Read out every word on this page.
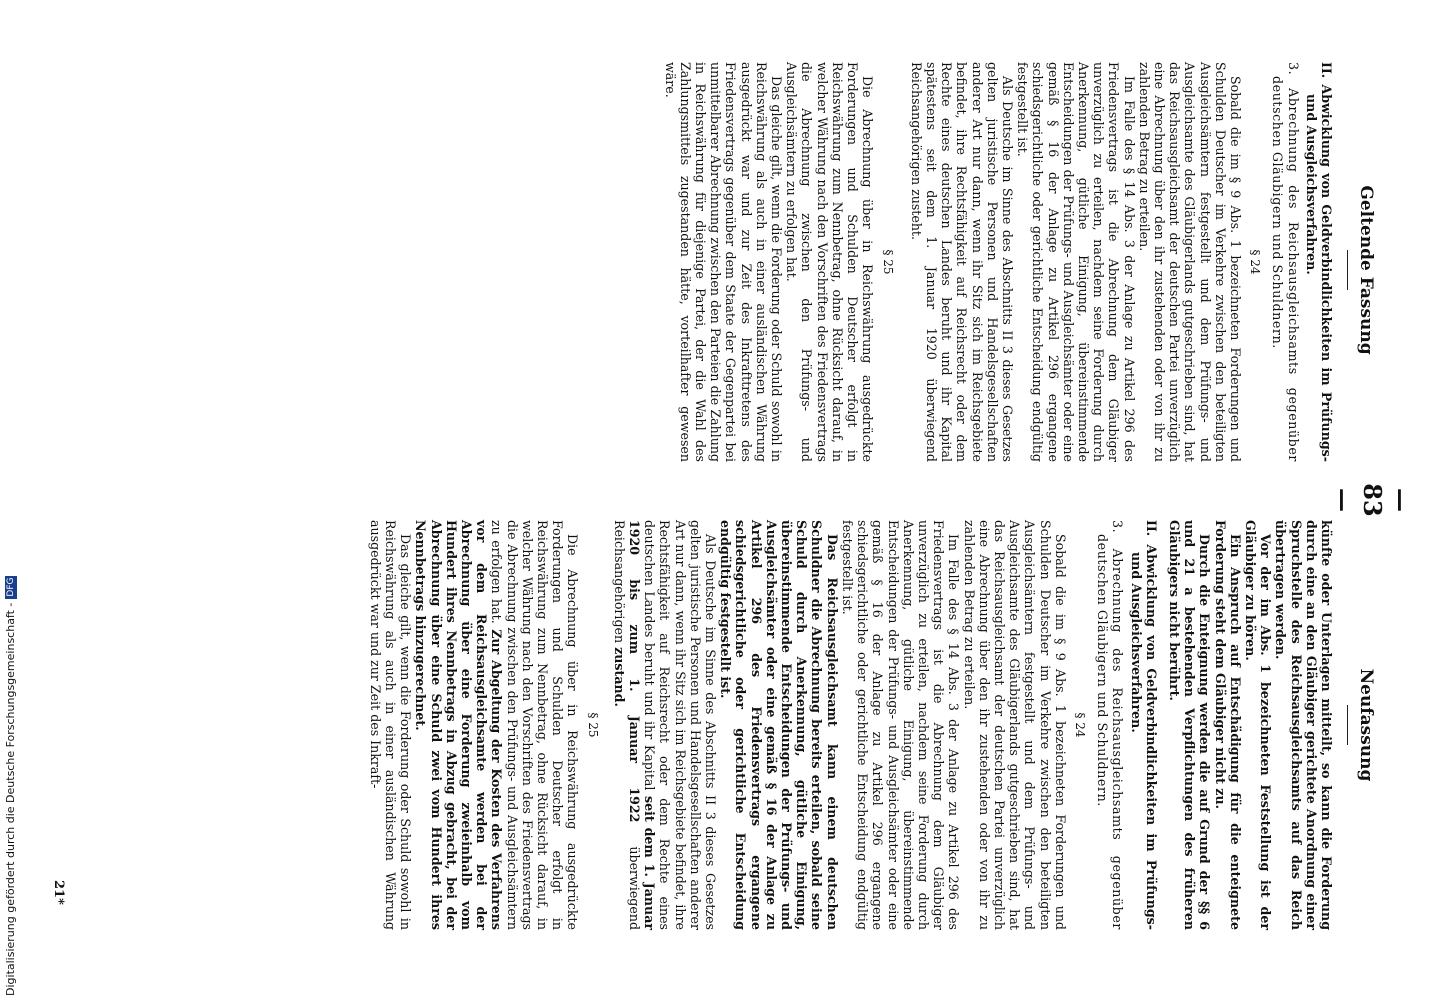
— 83 —
Geltende Fassung
II. Abwicklung von Geldverbindlichkeiten im Prüfungs- und Ausgleichsverfahren.
3. Abrechnung des Reichsausgleichsamts gegenüber deutschen Gläubigern und Schuldnern.
§ 24

Sobald die im § 9 Abs. 1 bezeichneten Forderungen und Schulden Deutscher im Verkehre zwischen den beteiligten Ausgleichsämtern festgestellt und dem Prüfungs- und Ausgleichsamte des Gläubigerlands gutgeschrieben sind, hat das Reichsausgleichsamt der deutschen Partei unverzüglich eine Abrechnung über den ihr zustehenden oder von ihr zu zahlenden Betrag zu erteilen.

Im Falle des § 14 Abs. 3 der Anlage zu Artikel 296 des Friedensvertrags ist die Abrechnung dem Gläubiger unverzüglich zu erteilen, nachdem seine Forderung durch Anerkennung, gütliche Einigung, übereinstimmende Entscheidungen der Prüfungs- und Ausgleichsämter oder eine gemäß § 16 der Anlage zu Artikel 296 ergangene schiedsgerichtliche oder gerichtliche Entscheidung endgültig festgestellt ist.

Als Deutsche im Sinne des Abschnitts II 3 dieses Gesetzes gelten juristische Personen und Handelsgesellschaften anderer Art nur dann, wenn ihr Sitz sich im Reichsgebiete befindet, ihre Rechtsfähigkeit auf Reichsrecht oder dem Rechte eines deutschen Landes beruht und ihr Kapital spätestens seit dem 1. Januar 1920 überwiegend Reichsangehörigen zusteht.

§ 25

Die Abrechnung über in Reichswährung ausgedrückte Forderungen und Schulden Deutscher erfolgt in Reichswährung zum Nennbetrag, ohne Rücksicht darauf, in welcher Währung nach den Vorschriften des Friedensvertrags die Abrechnung zwischen den Prüfungs- und Ausgleichsämtern zu erfolgen hat.

Das gleiche gilt, wenn die Forderung oder Schuld sowohl in Reichswährung als auch in einer ausländischen Währung ausgedrückt war und zur Zeit des Inkrafttretens des Friedensvertrags gegenüber dem Staate der Gegenpartei bei unmittelbarer Abrechnung zwischen den Parteien die Zahlung in Reichswährung für diejenige Partei, der die Wahl des Zahlungsmittels zugestanden hätte, vorteilhafter gewesen wäre.

Neufassung

künfte oder Unterlagen mitteilt, so kann die Forderung durch eine an den Gläubiger gerichtete Anordnung einer Spruchstelle des Reichsausgleichsamts auf das Reich übertragen werden.

Vor der im Abs. 1 bezeichneten Feststellung ist der Gläubiger zu hören.

Ein Anspruch auf Entschädigung für die enteignete Forderung steht dem Gläubiger nicht zu.

Durch die Enteignung werden die auf Grund der §§ 6 und 21 a bestehenden Verpflichtungen des früheren Gläubigers nicht berührt.

II. Abwicklung von Geldverbindlichkeiten im Prüfungs- und Ausgleichsverfahren.
3. Abrechnung des Reichsausgleichsamts gegenüber deutschen Gläubigern und Schuldnern.
§ 24

Sobald die im § 9 Abs. 1 bezeichneten Forderungen und Schulden Deutscher im Verkehre zwischen den beteiligten Ausgleichsämtern festgestellt und dem Prüfungs- und Ausgleichsamte des Gläubigerlands gutgeschrieben sind, hat das Reichsausgleichsamt der deutschen Partei unverzüglich eine Abrechnung über den ihr zustehenden oder von ihr zu zahlenden Betrag zu erteilen.

Im Falle des § 14 Abs. 3 der Anlage zu Artikel 296 des Friedensvertrags ist die Abrechnung dem Gläubiger unverzüglich zu erteilen, nachdem seine Forderung durch Anerkennung, gütliche Einigung, übereinstimmende Entscheidungen der Prüfungs- und Ausgleichsämter oder eine gemäß § 16 der Anlage zu Artikel 296 ergangene schiedsgerichtliche oder gerichtliche Entscheidung endgültig festgestellt ist.

Das Reichsausgleichsamt kann einem deutschen Schuldner die Abrechnung bereits erteilen, sobald seine Schuld durch Anerkennung, gütliche Einigung, übereinstimmende Entscheidungen der Prüfungs- und Ausgleichsämter oder eine gemäß § 16 der Anlage zu Artikel 296 des Friedensvertrags ergangene schiedsgerichtliche oder gerichtliche Entscheidung endgültig festgestellt ist.

Als Deutsche im Sinne des Abschnitts II 3 dieses Gesetzes gelten juristische Personen und Handelsgesellschaften anderer Art nur dann, wenn ihr Sitz sich im Reichsgebiete befindet, ihre Rechtsfähigkeit auf Reichsrecht oder dem Rechte eines deutschen Landes beruht und ihr Kapital seit dem 1. Januar 1920 bis zum 1. Januar 1922 überwiegend Reichsangehörigen zustand.

§ 25

Die Abrechnung über in Reichswährung ausgedrückte Forderungen und Schulden Deutscher erfolgt in Reichswährung zum Nennbetrag, ohne Rücksicht darauf, in welcher Währung nach den Vorschriften des Friedensvertrags die Abrechnung zwischen den Prüfungs- und Ausgleichsämtern zu erfolgen hat. Zur Abgeltung der Kosten des Verfahrens vor dem Reichsausgleichsamte werden bei der Abrechnung über eine Forderung zweieinhalb vom Hundert ihres Nennbetrags in Abzug gebracht, bei der Abrechnung über eine Schuld zwei vom Hundert ihres Nennbetrags hinzugerechnet.

Das gleiche gilt, wenn die Forderung oder Schuld sowohl in Reichswährung als auch in einer ausländischen Währung ausgedrückt war und zur Zeit des Inkraft-

21*
Digitalisierung gefördert durch die Deutsche Forschungsgemeinschaft -DFG
